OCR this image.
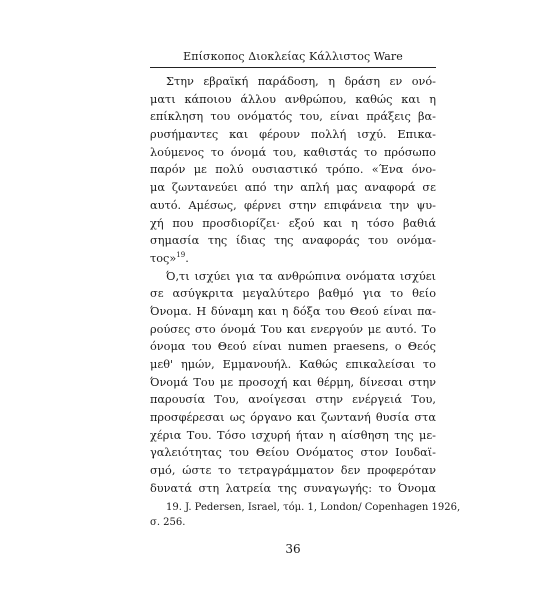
Επίσκοπος Διοκλείας Κάλλιστος Ware
Στην εβραϊκή παράδοση, η δράση εν ονό-
ματι κάποιου άλλου ανθρώπου, καθώς και η
επίκληση του ονόματός του, είναι πράξεις βα-
ρυσήμαντες και φέρουν πολλή ισχύ. Επικα-
λούμενος το όνομά του, καθιστάς το πρόσωπο
παρόν με πολύ ουσιαστικό τρόπο. «Ένα όνο-
μα ζωντανεύει από την απλή μας αναφορά σε
αυτό. Αμέσως, φέρνει στην επιφάνεια την ψυ-
χή που προσδιορίζει· εξού και η τόσο βαθιά
σημασία της ίδιας της αναφοράς του ονόμα-
τος»$^{19}$.
Ό,τι ισχύει για τα ανθρώπινα ονόματα ισχύει
σε ασύγκριτα μεγαλύτερο βαθμό για το θείο
Όνομα. Η δύναμη και η δόξα του Θεού είναι πα-
ρούσες στο όνομά Του και ενεργούν με αυτό. Το
όνομα του Θεού είναι numen praesens, ο Θεός
μεθ' ημών, Εμμανουήλ. Καθώς επικαλείσαι το
Όνομά Του με προσοχή και θέρμη, δίνεσαι στην
παρουσία Του, ανοίγεσαι στην ενέργειά Του,
προσφέρεσαι ως όργανο και ζωντανή θυσία στα
χέρια Του. Τόσο ισχυρή ήταν η αίσθηση της με-
γαλειότητας του Θείου Ονόματος στον Ιουδαϊ-
σμό, ώστε το τετραγράμματον δεν προφερόταν
δυνατά στη λατρεία της συναγωγής: το Όνομα
19. J. Pedersen, Israel, τόμ. 1, London/ Copenhagen 1926,
σ. 256.
36
